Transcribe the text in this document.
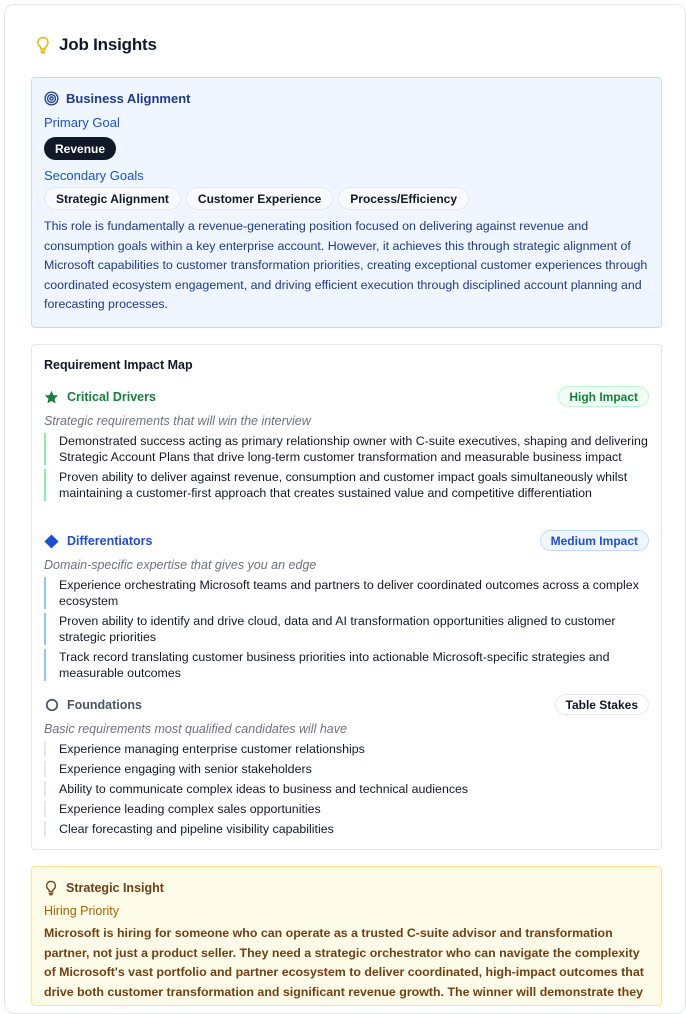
Job Insights
Business Alignment
Primary Goal
Revenue
Secondary Goals
Strategic Alignment	Customer Experience	Process/Efficiency
This role is fundamentally a revenue-generating position focused on delivering against revenue and consumption goals within a key enterprise account. However, it achieves this through strategic alignment of Microsoft capabilities to customer transformation priorities, creating exceptional customer experiences through coordinated ecosystem engagement, and driving efficient execution through disciplined account planning and forecasting processes.
Requirement Impact Map
Critical Drivers	High Impact
Strategic requirements that will win the interview
Demonstrated success acting as primary relationship owner with C-suite executives, shaping and delivering Strategic Account Plans that drive long-term customer transformation and measurable business impact
Proven ability to deliver against revenue, consumption and customer impact goals simultaneously whilst maintaining a customer-first approach that creates sustained value and competitive differentiation
Differentiators	Medium Impact
Domain-specific expertise that gives you an edge
Experience orchestrating Microsoft teams and partners to deliver coordinated outcomes across a complex ecosystem
Proven ability to identify and drive cloud, data and AI transformation opportunities aligned to customer strategic priorities
Track record translating customer business priorities into actionable Microsoft-specific strategies and measurable outcomes
Foundations	Table Stakes
Basic requirements most qualified candidates will have
Experience managing enterprise customer relationships
Experience engaging with senior stakeholders
Ability to communicate complex ideas to business and technical audiences
Experience leading complex sales opportunities
Clear forecasting and pipeline visibility capabilities
Strategic Insight
Hiring Priority
Microsoft is hiring for someone who can operate as a trusted C-suite advisor and transformation partner, not just a product seller. They need a strategic orchestrator who can navigate the complexity of Microsoft's vast portfolio and partner ecosystem to deliver coordinated, high-impact outcomes that drive both customer transformation and significant revenue growth. The winner will demonstrate they
